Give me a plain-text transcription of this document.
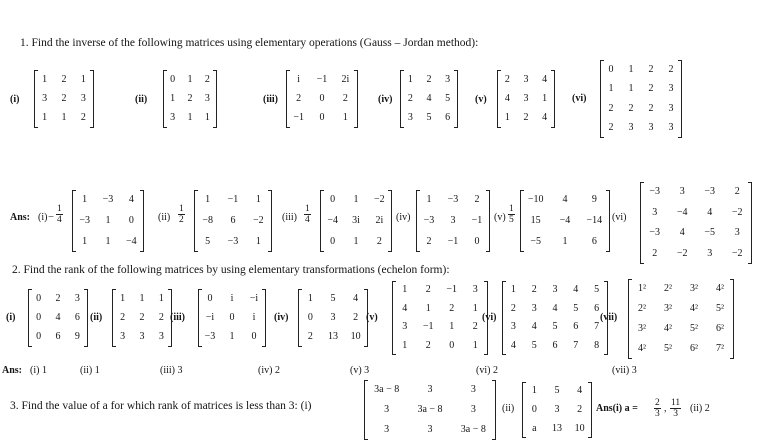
1. Find the inverse of the following matrices using elementary operations (Gauss – Jordan method):
(i)
1	2	1
3	2	3
1	1	2
(ii)
0	1	2
1	2	3
3	1	1
(iii)
i	−1	2i
2	0	2
−1	0	1
(iv)
1	2	3
2	4	5
3	5	6
(v)
2	3	4
4	3	1
1	2	4
(vi)
0	1	2	2
1	1	2	3
2	2	2	3
2	3	3	3
Ans: $(i) - \frac{1}{4}$
1	−3	4
−3	1	0
1	1	−4
$(ii) \frac{1}{2}$
1	−1	1
−8	6	−2
5	−3	1
$(iii) \frac{1}{4}$
0	1	−2
−4	3i	2i
0	1	2
(iv)
1	−3	2
−3	3	−1
2	−1	0
$(v) \frac{1}{5}$
−10	4	9
15	−4	−14
−5	1	6
(vi)
−3	3	−3	2
3	−4	4	−2
−3	4	−5	3
2	−2	3	−2
2. Find the rank of the following matrices by using elementary transformations (echelon form):
(i)
0	2	3
0	4	6
0	6	9
(ii)
1	1	1
2	2	2
3	3	3
(iii)
0	i	−i
−i	0	i
−3	1	0
(iv)
1	5	4
0	3	2
2	13	10
(v)
1	2	−1	3
4	1	2	1
3	−1	1	2
1	2	0	1
(vi)
1	2	3	4	5
2	3	4	5	6
3	4	5	6	7
4	5	6	7	8
(vii)
1²	2²	3²	4²
2²	3²	4²	5²
3²	4²	5²	6²
4²	5²	6²	7²
Ans: (i) 1	(ii) 1	(iii) 3	(iv) 2	(v) 3	(vi) 2	(vii) 3
3. Find the value of a for which rank of matrices is less than 3: (i)
3a − 8	3	3
3	3a − 8	3
3	3	3a − 8
(ii)
1	5	4
0	3	2
a	13	10
Ans(i) $a = \frac{2}{3}$ , $\frac{11}{3} (ii)$ 2
